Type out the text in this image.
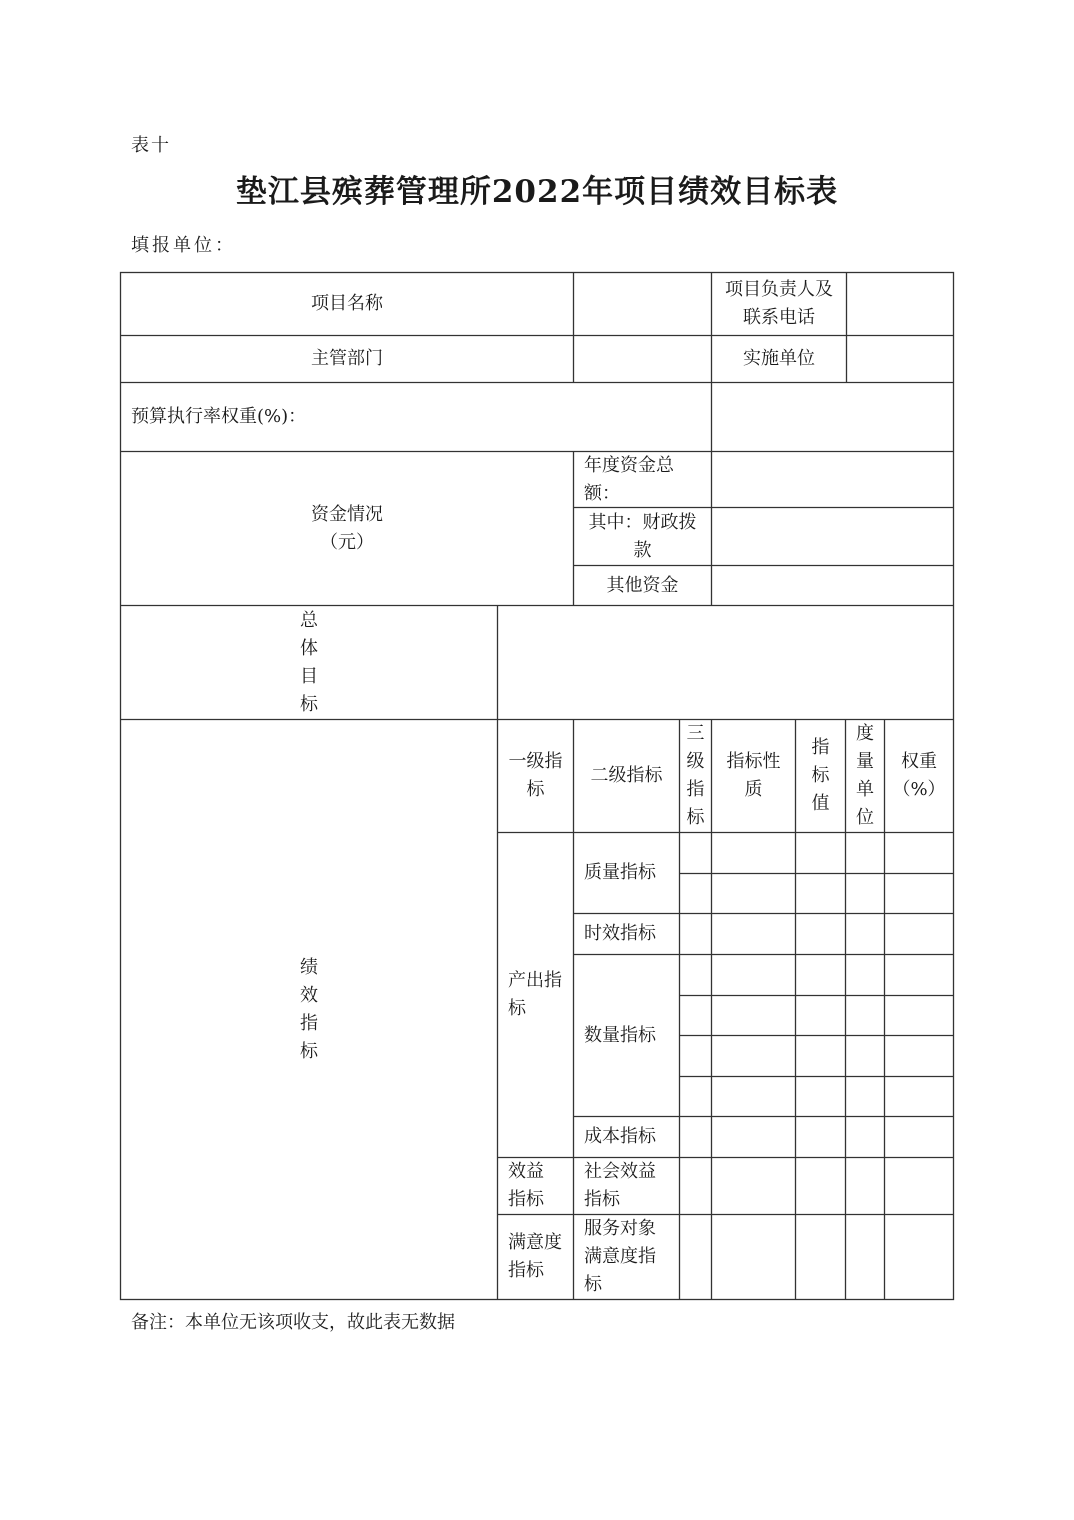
表十
垫江县殡葬管理所2022年项目绩效目标表
填报单位：
项目名称
项目负责人及联系电话
主管部门	实施单位
预算执行率权重(%)：
资金情况（元）
年度资金总额：
其中：财政拨款
其他资金
总体目标
绩效指标
一级指标
二级指标
三级指标
指标性质
指标值
度量单位
权重（%）
产出指标
质量指标
时效指标
数量指标
成本指标
效益指标
社会效益指标
满意度指标
服务对象满意度指标
备注：本单位无该项收支，故此表无数据
